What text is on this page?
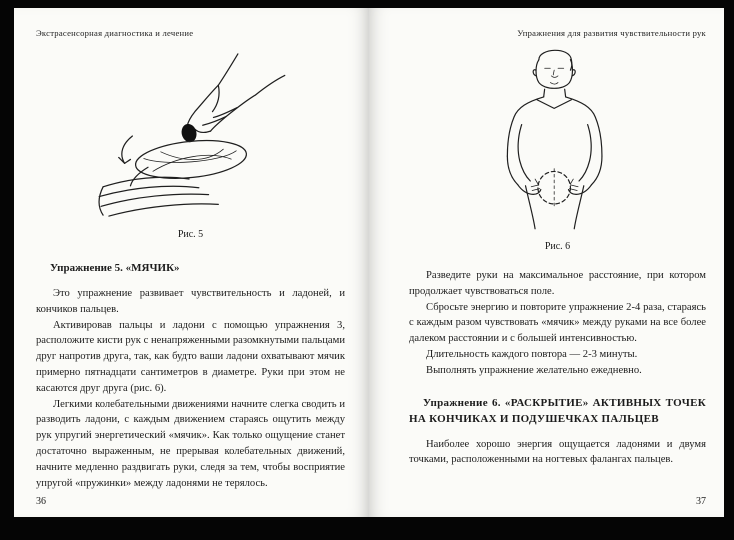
Экстрасенсорная диагностика и лечение
Рис. 5
Упражнение 5. «МЯЧИК»

Это упражнение развивает чувствительность и ладоней, и кончиков пальцев.

Активировав пальцы и ладони с помощью упражнения 3, расположите кисти рук с ненапряженными разомкнутыми пальцами друг напротив друга, так, как будто ваши ладони охватывают мячик примерно пятнадцати сантиметров в диаметре. Руки при этом не касаются друг друга (рис. 6).

Легкими колебательными движениями начните слегка сводить и разводить ладони, с каждым движением стараясь ощутить между рук упругий энергетический «мячик». Как только ощущение станет достаточно выраженным, не прерывая колебательных движений, начните медленно раздвигать руки, следя за тем, чтобы восприятие упругой «пружинки» между ладонями не терялось.

36
Упражнения для развития чувствительности рук
Рис. 6

Разведите руки на максимальное расстояние, при котором продолжает чувствоваться поле.

Сбросьте энергию и повторите упражнение 2-4 раза, стараясь с каждым разом чувствовать «мячик» между руками на все более далеком расстоянии и с большей интенсивностью.

Длительность каждого повтора — 2-3 минуты.

Выполнять упражнение желательно ежедневно.

Упражнение 6. «РАСКРЫТИЕ» АКТИВНЫХ ТОЧЕК НА КОНЧИКАХ И ПОДУШЕЧКАХ ПАЛЬЦЕВ

Наиболее хорошо энергия ощущается ладонями и двумя точками, расположенными на ногтевых фалангах пальцев.

37
